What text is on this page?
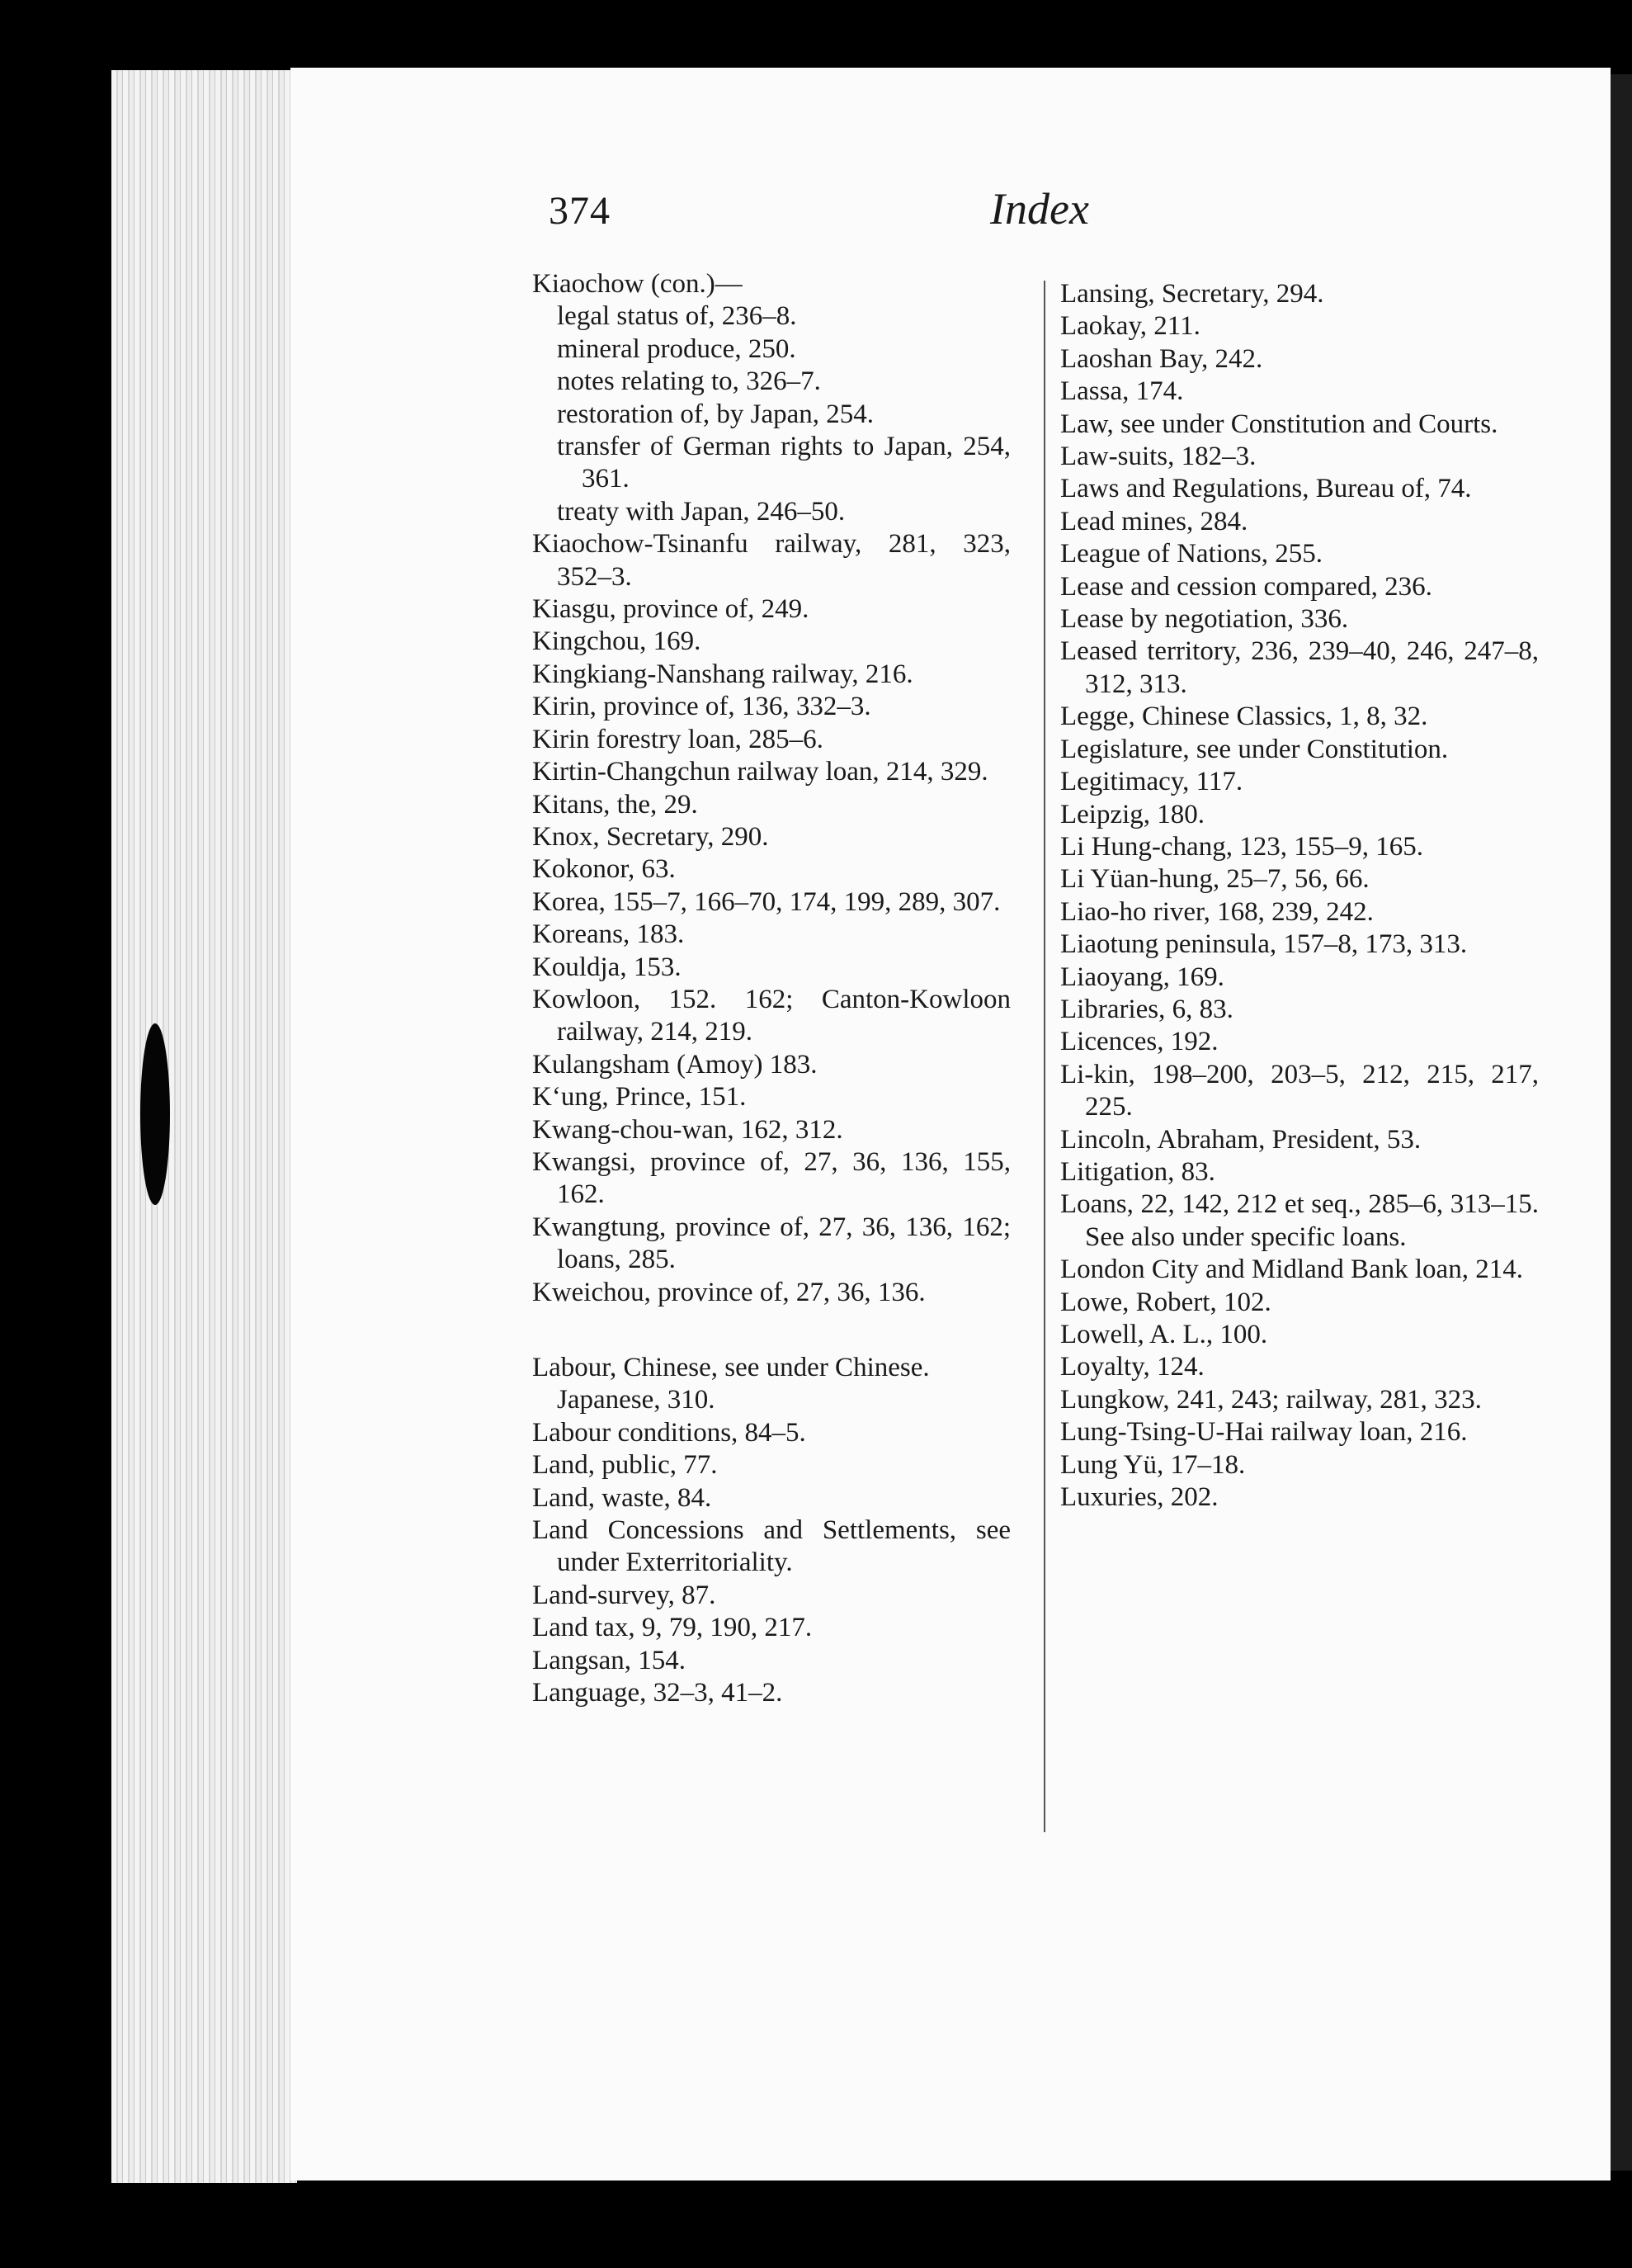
374	Index
Kiaochow (con.)—
legal status of, 236–8.
mineral produce, 250.
notes relating to, 326–7.
restoration of, by Japan, 254.
transfer of German rights to Japan, 254, 361.
treaty with Japan, 246–50.
Kiaochow-Tsinanfu railway, 281, 323, 352–3.
Kiasgu, province of, 249.
Kingchou, 169.
Kingkiang-Nanshang railway, 216.
Kirin, province of, 136, 332–3.
Kirin forestry loan, 285–6.
Kirtin-Changchun railway loan, 214, 329.
Kitans, the, 29.
Knox, Secretary, 290.
Kokonor, 63.
Korea, 155–7, 166–70, 174, 199, 289, 307.
Koreans, 183.
Kouldja, 153.
Kowloon, 152. 162; Canton-Kowloon railway, 214, 219.
Kulangsham (Amoy) 183.
K‘ung, Prince, 151.
Kwang-chou-wan, 162, 312.
Kwangsi, province of, 27, 36, 136, 155, 162.
Kwangtung, province of, 27, 36, 136, 162; loans, 285.
Kweichou, province of, 27, 36, 136.
Labour, Chinese, see under Chinese.
Japanese, 310.
Labour conditions, 84–5.
Land, public, 77.
Land, waste, 84.
Land Concessions and Settlements, see under Exterritoriality.
Land-survey, 87.
Land tax, 9, 79, 190, 217.
Langsan, 154.
Language, 32–3, 41–2.
Lansing, Secretary, 294.
Laokay, 211.
Laoshan Bay, 242.
Lassa, 174.
Law, see under Constitution and Courts.
Law-suits, 182–3.
Laws and Regulations, Bureau of, 74.
Lead mines, 284.
League of Nations, 255.
Lease and cession compared, 236.
Lease by negotiation, 336.
Leased territory, 236, 239–40, 246, 247–8, 312, 313.
Legge, Chinese Classics, 1, 8, 32.
Legislature, see under Constitution.
Legitimacy, 117.
Leipzig, 180.
Li Hung-chang, 123, 155–9, 165.
Li Yüan-hung, 25–7, 56, 66.
Liao-ho river, 168, 239, 242.
Liaotung peninsula, 157–8, 173, 313.
Liaoyang, 169.
Libraries, 6, 83.
Licences, 192.
Li-kin, 198–200, 203–5, 212, 215, 217, 225.
Lincoln, Abraham, President, 53.
Litigation, 83.
Loans, 22, 142, 212 et seq., 285–6, 313–15. See also under specific loans.
London City and Midland Bank loan, 214.
Lowe, Robert, 102.
Lowell, A. L., 100.
Loyalty, 124.
Lungkow, 241, 243; railway, 281, 323.
Lung-Tsing-U-Hai railway loan, 216.
Lung Yü, 17–18.
Luxuries, 202.
